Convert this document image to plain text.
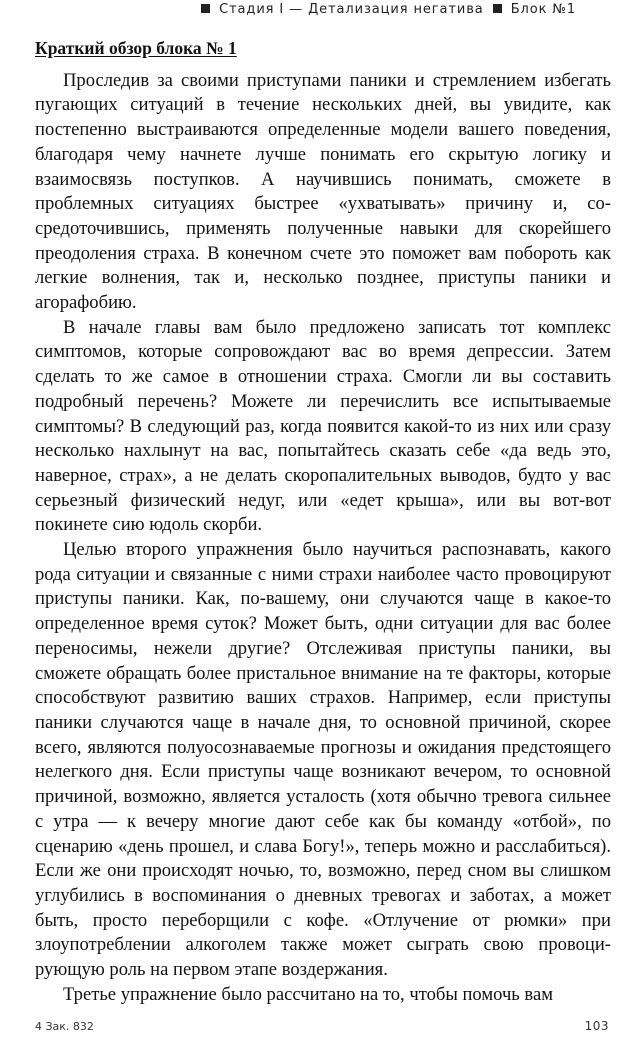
Стадия I — Детализация негатива Блок №1
Краткий обзор блока № 1

Проследив за своими приступами паники и стремлением избегать пугающих ситуаций в течение нескольких дней, вы увидите, как постепенно выстраиваются определенные модели вашего поведения, благодаря чему начнете лучше понимать его скрытую логику и взаимосвязь поступков. А научившись понимать, сможете в проблемных ситуациях быстрее «ухватывать» причину и, со-средоточившись, применять полученные навыки для скорейшего преодоления страха. В конечном счете это поможет вам побороть как легкие волнения, так и, несколько позднее, приступы паники и агорафобию.

В начале главы вам было предложено записать тот комплекс симптомов, которые сопровождают вас во время депрессии. Затем сделать то же самое в отношении страха. Смогли ли вы составить подробный перечень? Можете ли перечислить все испытываемые симптомы? В следующий раз, когда появится какой-то из них или сразу несколько нахлынут на вас, попытайтесь сказать себе «да ведь это, наверное, страх», а не делать скоропалительных выводов, будто у вас серьезный физический недуг, или «едет крыша», или вы вот-вот покинете сию юдоль скорби.

Целью второго упражнения было научиться распознавать, какого рода ситуации и связанные с ними страхи наиболее часто провоцируют приступы паники. Как, по-вашему, они случаются чаще в какое-то определенное время суток? Может быть, одни ситуации для вас более переносимы, нежели другие? Отслеживая приступы паники, вы сможете обращать более пристальное внимание на те факторы, которые способствуют развитию ваших страхов. Например, если приступы паники случаются чаще в начале дня, то основной причиной, скорее всего, являются полуосознаваемые прогнозы и ожидания предстоящего нелегкого дня. Если приступы чаще возникают вечером, то основной причиной, возможно, является усталость (хотя обычно тревога сильнее с утра — к вечеру многие дают себе как бы команду «отбой», по сценарию «день прошел, и слава Богу!», теперь можно и расслабиться). Если же они происходят ночью, то, возможно, перед сном вы слишком углубились в воспоминания о дневных тревогах и заботах, а может быть, просто переборщили с кофе. «Отлучение от рюмки» при злоупотреблении алкоголем также может сыграть свою провоци-рующую роль на первом этапе воздержания.

Третье упражнение было рассчитано на то, чтобы помочь вам

4 Зак. 832	103
